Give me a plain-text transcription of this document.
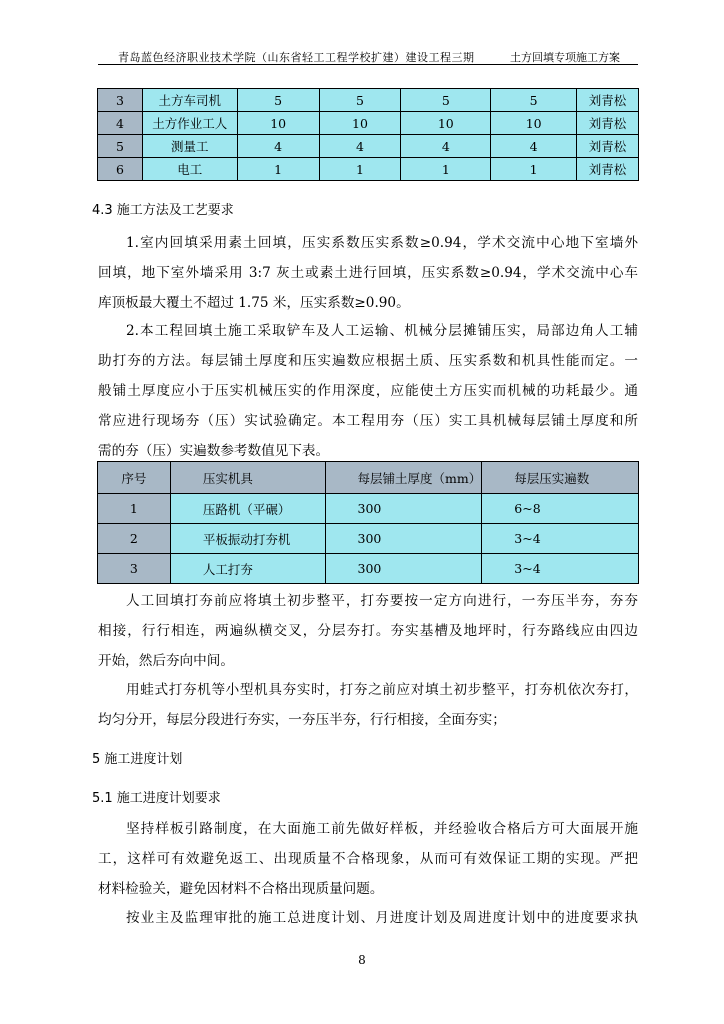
青岛蓝色经济职业技术学院（山东省轻工工程学校扩建）建设工程三期	土方回填专项施工方案
3	土方车司机	5	5	5	5	刘青松
4	土方作业工人	10	10	10	10	刘青松
5	测量工	4	4	4	4	刘青松
6	电工	1	1	1	1	刘青松
4.3 施工方法及工艺要求
1.室内回填采用素土回填，压实系数压实系数≥0.94，学术交流中心地下室墙外
回填，地下室外墙采用 3:7 灰土或素土进行回填，压实系数≥0.94，学术交流中心车
库顶板最大覆土不超过 1.75 米，压实系数≥0.90。
2.本工程回填土施工采取铲车及人工运输、机械分层摊铺压实，局部边角人工辅
助打夯的方法。每层铺土厚度和压实遍数应根据土质、压实系数和机具性能而定。一
般铺土厚度应小于压实机械压实的作用深度，应能使土方压实而机械的功耗最少。通
常应进行现场夯（压）实试验确定。本工程用夯（压）实工具机械每层铺土厚度和所
需的夯（压）实遍数参考数值见下表。
序号	压实机具	每层铺土厚度（mm）	每层压实遍数
1	压路机（平碾）	300	6~8
2	平板振动打夯机	300	3~4
3	人工打夯	300	3~4
人工回填打夯前应将填土初步整平，打夯要按一定方向进行，一夯压半夯，夯夯
相接，行行相连，两遍纵横交叉，分层夯打。夯实基槽及地坪时，行夯路线应由四边
开始，然后夯向中间。
用蛙式打夯机等小型机具夯实时，打夯之前应对填土初步整平，打夯机依次夯打，
均匀分开，每层分段进行夯实，一夯压半夯，行行相接，全面夯实；
5 施工进度计划
5.1 施工进度计划要求
坚持样板引路制度，在大面施工前先做好样板，并经验收合格后方可大面展开施
工，这样可有效避免返工、出现质量不合格现象，从而可有效保证工期的实现。严把
材料检验关，避免因材料不合格出现质量问题。
按业主及监理审批的施工总进度计划、月进度计划及周进度计划中的进度要求执
8
